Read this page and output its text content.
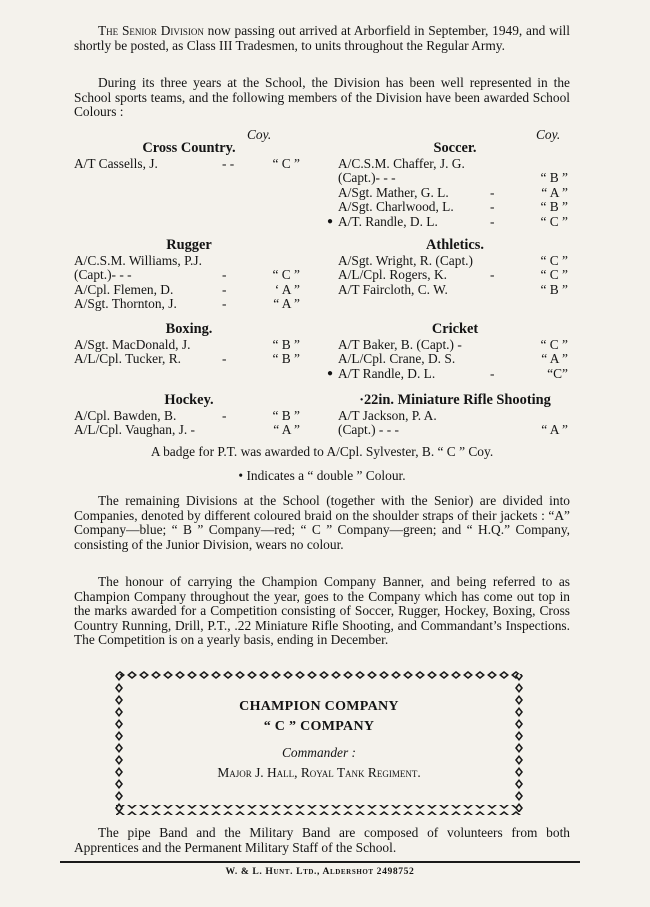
The Senior Division now passing out arrived at Arborfield in September, 1949, and will shortly be posted, as Class III Tradesmen, to units throughout the Regular Army.

During its three years at the School, the Division has been well represented in the School sports teams, and the following members of the Division have been awarded School Colours :

Coy.	Coy.

Cross Country.

A/T Cassells, J.	- -	“ C ”

Rugger

A/C.S.M. Williams, P.J.
(Capt.)- - -	-	“ C ”
A/Cpl. Flemen, D.	-	‘ A ”
A/Sgt. Thornton, J.	-	“ A ”

Boxing.

A/Sgt. MacDonald, J.	“ B ”
A/L/Cpl. Tucker, R.	-	“ B ”

Hockey.

A/Cpl. Bawden, B.	-	“ B ”
A/L/Cpl. Vaughan, J. -	“ A ”

Soccer.

A/C.S.M. Chaffer, J. G.
(Capt.)- - -	“ B ”
A/Sgt. Mather, G. L.	-	“ A ”
A/Sgt. Charlwood, L.	-	“ B ”
● A/T. Randle, D. L.	-	“ C ”

Athletics.

A/Sgt. Wright, R. (Capt.)	“ C ”
A/L/Cpl. Rogers, K.	-	“ C ”
A/T Faircloth, C. W.	“ B ”

Cricket

A/T Baker, B. (Capt.) -	“ C ”
A/L/Cpl. Crane, D. S.	“ A ”
● A/T Randle, D. L.	-	“C”

·22in. Miniature Rifle Shooting

A/T Jackson, P. A.
(Capt.) - - -	“ A ”
A badge for P.T. was awarded to A/Cpl. Sylvester, B. “ C ” Coy.
• Indicates a “ double ” Colour.

The remaining Divisions at the School (together with the Senior) are divided into Companies, denoted by different coloured braid on the shoulder straps of their jackets : “A” Company—blue; “ B ” Company—red; “ C ” Company—green; and “ H.Q.” Company, consisting of the Junior Division, wears no colour.

The honour of carrying the Champion Company Banner, and being referred to as Champion Company throughout the year, goes to the Company which has come out top in the marks awarded for a Competition consisting of Soccer, Rugger, Hockey, Boxing, Cross Country Running, Drill, P.T., .22 Miniature Rifle Shooting, and Commandant’s Inspections. The Competition is on a yearly basis, ending in December.

CHAMPION COMPANY
“ C ” COMPANY
Commander :
Major J. Hall, Royal Tank Regiment.

The pipe Band and the Military Band are composed of volunteers from both Apprentices and the Permanent Military Staff of the School.

W. & L. Hunt. Ltd., Aldershot 2498752
